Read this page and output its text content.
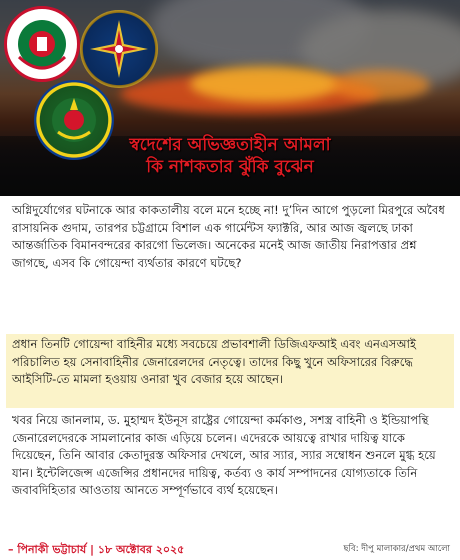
স্বদেশের অভিজ্ঞতাহীন আমলা
কি নাশকতার ঝুঁকি বুঝেন
অগ্নিদুর্যোগের ঘটনাকে আর কাকতালীয় বলে মনে হচ্ছে না! দু’দিন আগে পুড়লো মিরপুরে অবৈধ রাসায়নিক গুদাম, তারপর চট্টগ্রামে বিশাল এক গার্মেন্টস ফ্যাক্টরি, আর আজ জ্বলছে ঢাকা আন্তর্জাতিক বিমানবন্দরের কারগো ভিলেজ। অনেকের মনেই আজ জাতীয় নিরাপত্তার প্রশ্ন জাগছে, এসব কি গোয়েন্দা ব্যর্থতার কারণে ঘটছে?
প্রধান তিনটি গোয়েন্দা বাহিনীর মধ্যে সবচেয়ে প্রভাবশালী ডিজিএফআই এবং এনএসআই পরিচালিত হয় সেনাবাহিনীর জেনারেলদের নেতৃত্বে। তাদের কিছু খুনে অফিসারের বিরুদ্ধে আইসিটি-তে মামলা হওয়ায় ওনারা খুব বেজার হয়ে আছেন।
খবর নিয়ে জানলাম, ড. মুহাম্মদ ইউনূস রাষ্ট্রের গোয়েন্দা কর্মকাণ্ড, সশস্ত্র বাহিনী ও ইন্ডিয়াপন্থি জেনারেলদেরকে সামলানোর কাজ এড়িয়ে চলেন। এদেরকে আয়ত্বে রাখার দায়িত্ব যাকে দিয়েছেন, তিনি আবার কেতাদুরস্ত অফিসার দেখলে, আর স্যার, স্যার সম্বোধন শুনলে মুগ্ধ হয়ে যান। ইন্টেলিজেন্স এজেন্সির প্রধানদের দায়িত্ব, কর্তব্য ও কার্য সম্পাদনের যোগ্যতাকে তিনি জবাবদিহিতার আওতায় আনতে সম্পূর্ণভাবে ব্যর্থ হয়েছেন।
– পিনাকী ভট্টাচার্য | ১৮ অক্টোবর ২০২৫	ছবি: দীপু মালাকার/প্রথম আলো
